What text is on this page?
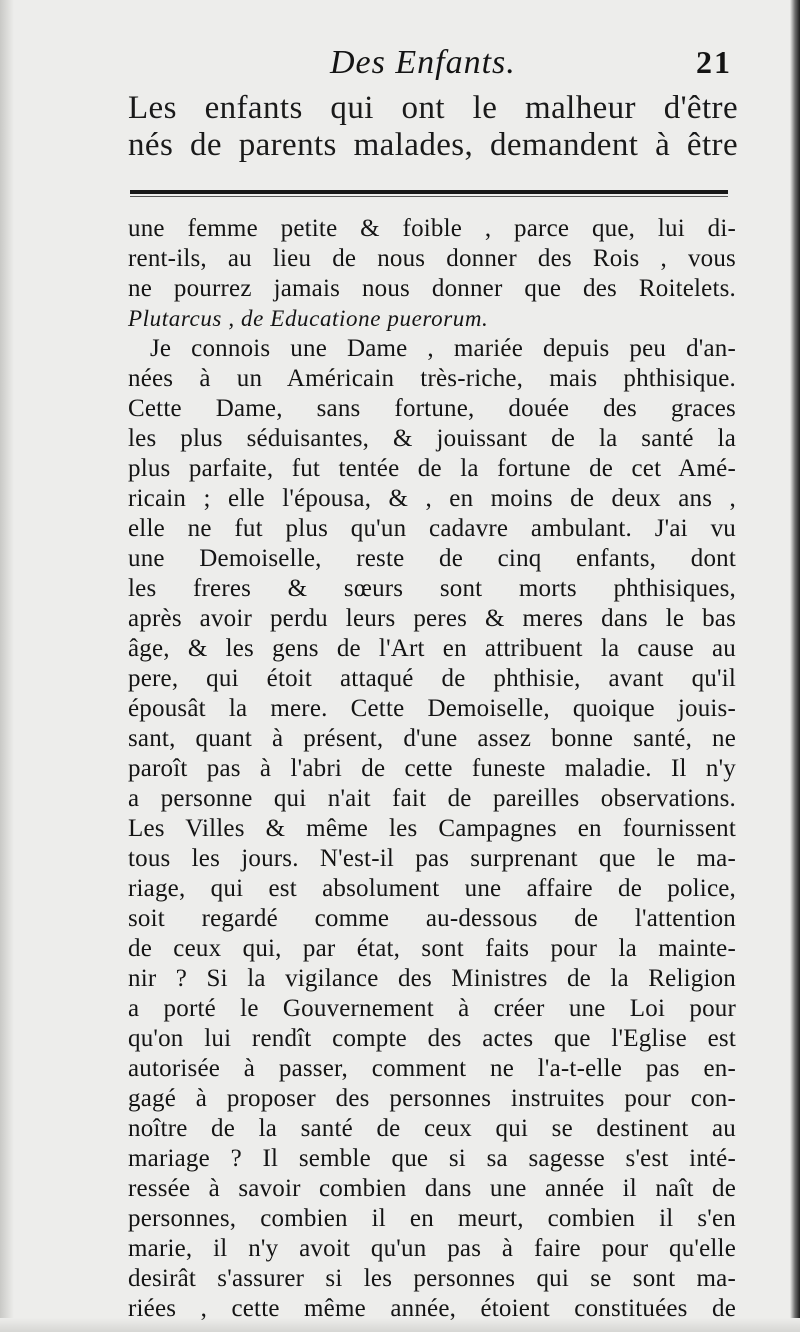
Des Enfants.	21
Les enfants qui ont le malheur d'être
nés de parents malades, demandent à être
une femme petite & foible , parce que, lui di-
rent-ils, au lieu de nous donner des Rois , vous
ne pourrez jamais nous donner que des Roitelets.
Plutarcus , de Educatione puerorum.
Je connois une Dame , mariée depuis peu d'an-
nées à un Américain très-riche, mais phthisique.
Cette Dame, sans fortune, douée des graces
les plus séduisantes, & jouissant de la santé la
plus parfaite, fut tentée de la fortune de cet Amé-
ricain ; elle l'épousa, & , en moins de deux ans ,
elle ne fut plus qu'un cadavre ambulant. J'ai vu
une Demoiselle, reste de cinq enfants, dont
les freres & sœurs sont morts phthisiques,
après avoir perdu leurs peres & meres dans le bas
âge, & les gens de l'Art en attribuent la cause au
pere, qui étoit attaqué de phthisie, avant qu'il
épousât la mere. Cette Demoiselle, quoique jouis-
sant, quant à présent, d'une assez bonne santé, ne
paroît pas à l'abri de cette funeste maladie. Il n'y
a personne qui n'ait fait de pareilles observations.
Les Villes & même les Campagnes en fournissent
tous les jours. N'est-il pas surprenant que le ma-
riage, qui est absolument une affaire de police,
soit regardé comme au-dessous de l'attention
de ceux qui, par état, sont faits pour la mainte-
nir ? Si la vigilance des Ministres de la Religion
a porté le Gouvernement à créer une Loi pour
qu'on lui rendît compte des actes que l'Eglise est
autorisée à passer, comment ne l'a-t-elle pas en-
gagé à proposer des personnes instruites pour con-
noître de la santé de ceux qui se destinent au
mariage ? Il semble que si sa sagesse s'est inté-
ressée à savoir combien dans une année il naît de
personnes, combien il en meurt, combien il s'en
marie, il n'y avoit qu'un pas à faire pour qu'elle
desirât s'assurer si les personnes qui se sont ma-
riées , cette même année, étoient constituées de
